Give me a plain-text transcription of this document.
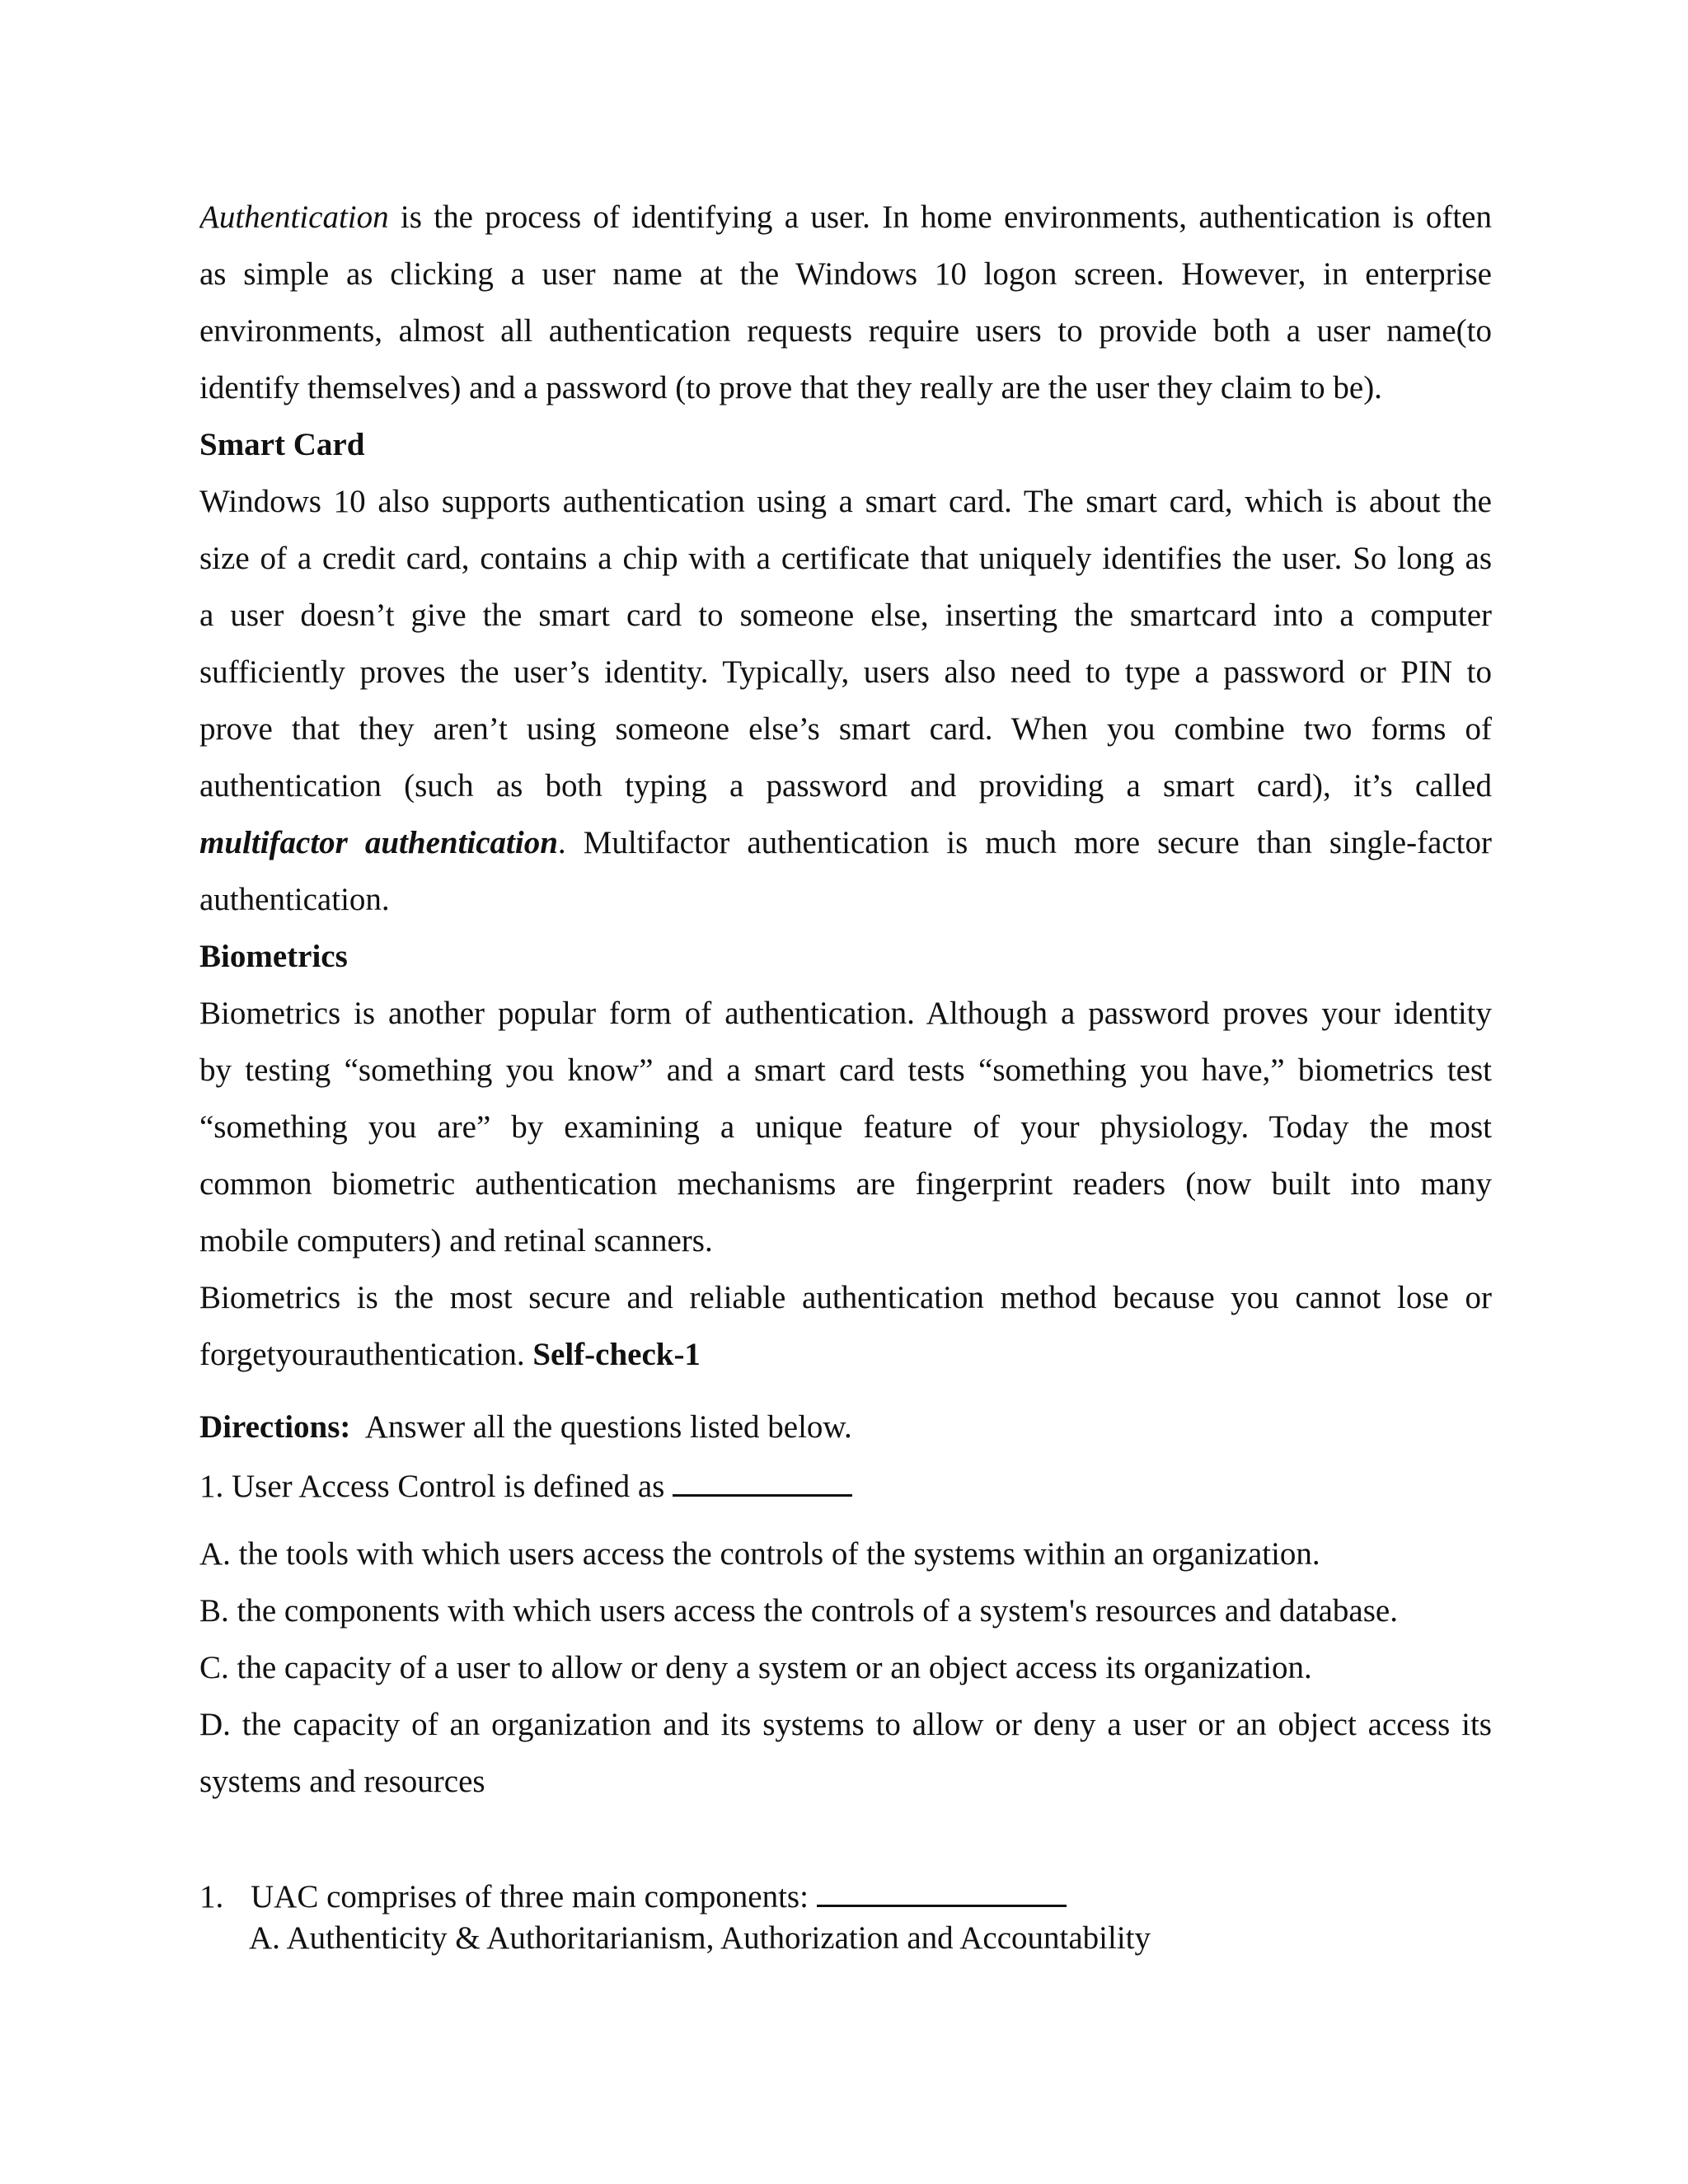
Authentication is the process of identifying a user. In home environments, authentication is often
as simple as clicking a user name at the Windows 10 logon screen. However, in enterprise
environments, almost all authentication requests require users to provide both a user name(to
identify themselves) and a password (to prove that they really are the user they claim to be).
Smart Card
Windows 10 also supports authentication using a smart card. The smart card, which is about the
size of a credit card, contains a chip with a certificate that uniquely identifies the user. So long as
a user doesn’t give the smart card to someone else, inserting the smartcard into a computer
sufficiently proves the user’s identity. Typically, users also need to type a password or PIN to
prove that they aren’t using someone else’s smart card. When you combine two forms of
authentication (such as both typing a password and providing a smart card), it’s called
multifactor authentication. Multifactor authentication is much more secure than single-factor
authentication.
Biometrics
Biometrics is another popular form of authentication. Although a password proves your identity
by testing “something you know” and a smart card tests “something you have,” biometrics test
“something you are” by examining a unique feature of your physiology. Today the most
common biometric authentication mechanisms are fingerprint readers (now built into many
mobile computers) and retinal scanners.
Biometrics is the most secure and reliable authentication method because you cannot lose or
forgetyourauthentication. Self-check-1
Directions:  Answer all the questions listed below.
1. User Access Control is defined as
A. the tools with which users access the controls of the systems within an organization.
B. the components with which users access the controls of a system's resources and database.
C. the capacity of a user to allow or deny a system or an object access its organization.
D. the capacity of an organization and its systems to allow or deny a user or an object access its
systems and resources
1. UAC comprises of three main components:
A. Authenticity & Authoritarianism, Authorization and Accountability
